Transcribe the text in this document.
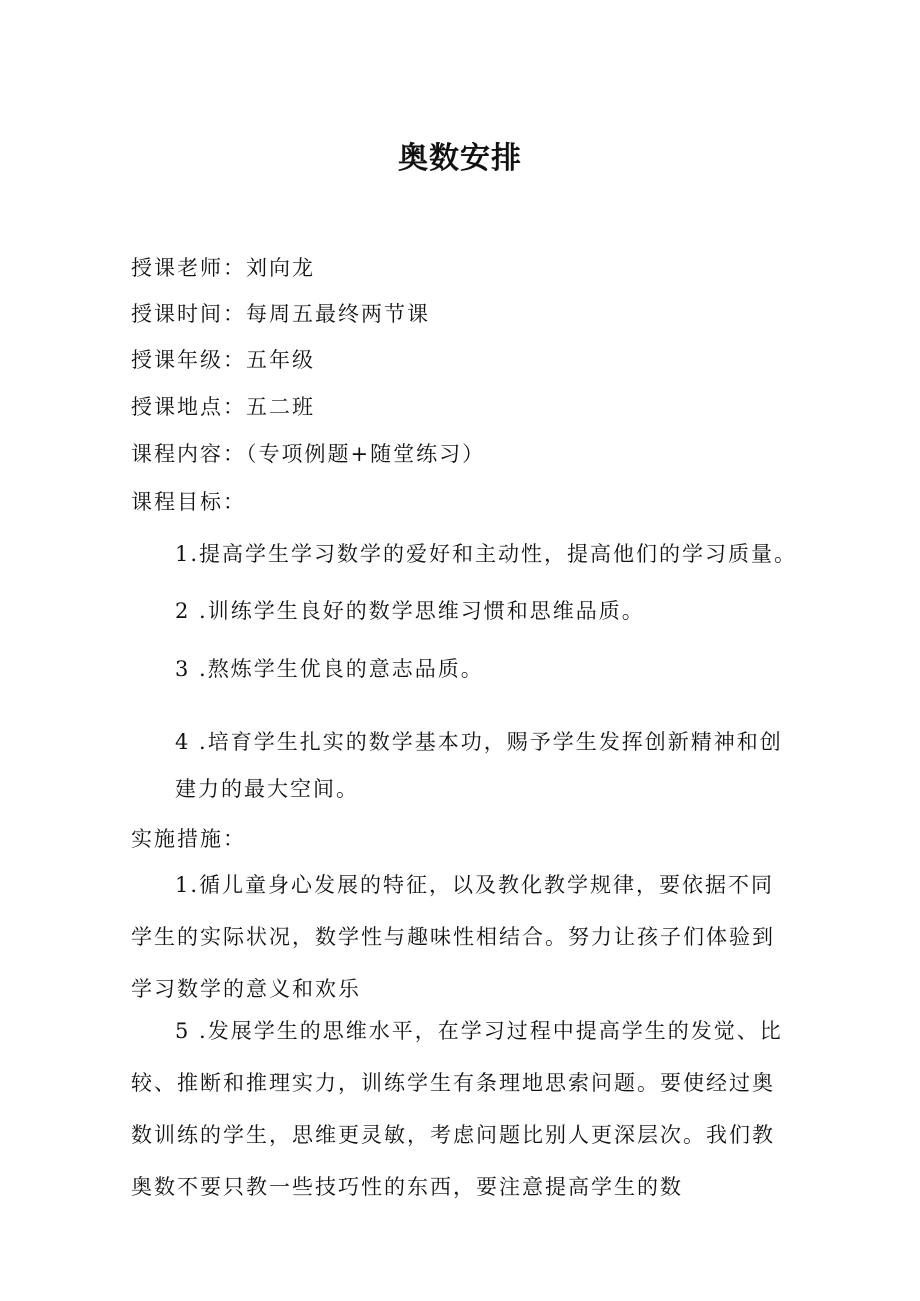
奥数安排
授课老师：刘向龙
授课时间：每周五最终两节课
授课年级：五年级
授课地点：五二班
课程内容：（专项例题+随堂练习）
课程目标：
1.提高学生学习数学的爱好和主动性，提高他们的学习质量。
2 .训练学生良好的数学思维习惯和思维品质。
3 .熬炼学生优良的意志品质。
4 .培育学生扎实的数学基本功，赐予学生发挥创新精神和创
建力的最大空间。
实施措施：
1.循儿童身心发展的特征，以及教化教学规律，要依据不同学生的实际状况，数学性与趣味性相结合。努力让孩子们体验到学习数学的意义和欢乐
5 .发展学生的思维水平，在学习过程中提高学生的发觉、比较、推断和推理实力，训练学生有条理地思索问题。要使经过奥数训练的学生，思维更灵敏，考虑问题比别人更深层次。我们教奥数不要只教一些技巧性的东西，要注意提高学生的数
